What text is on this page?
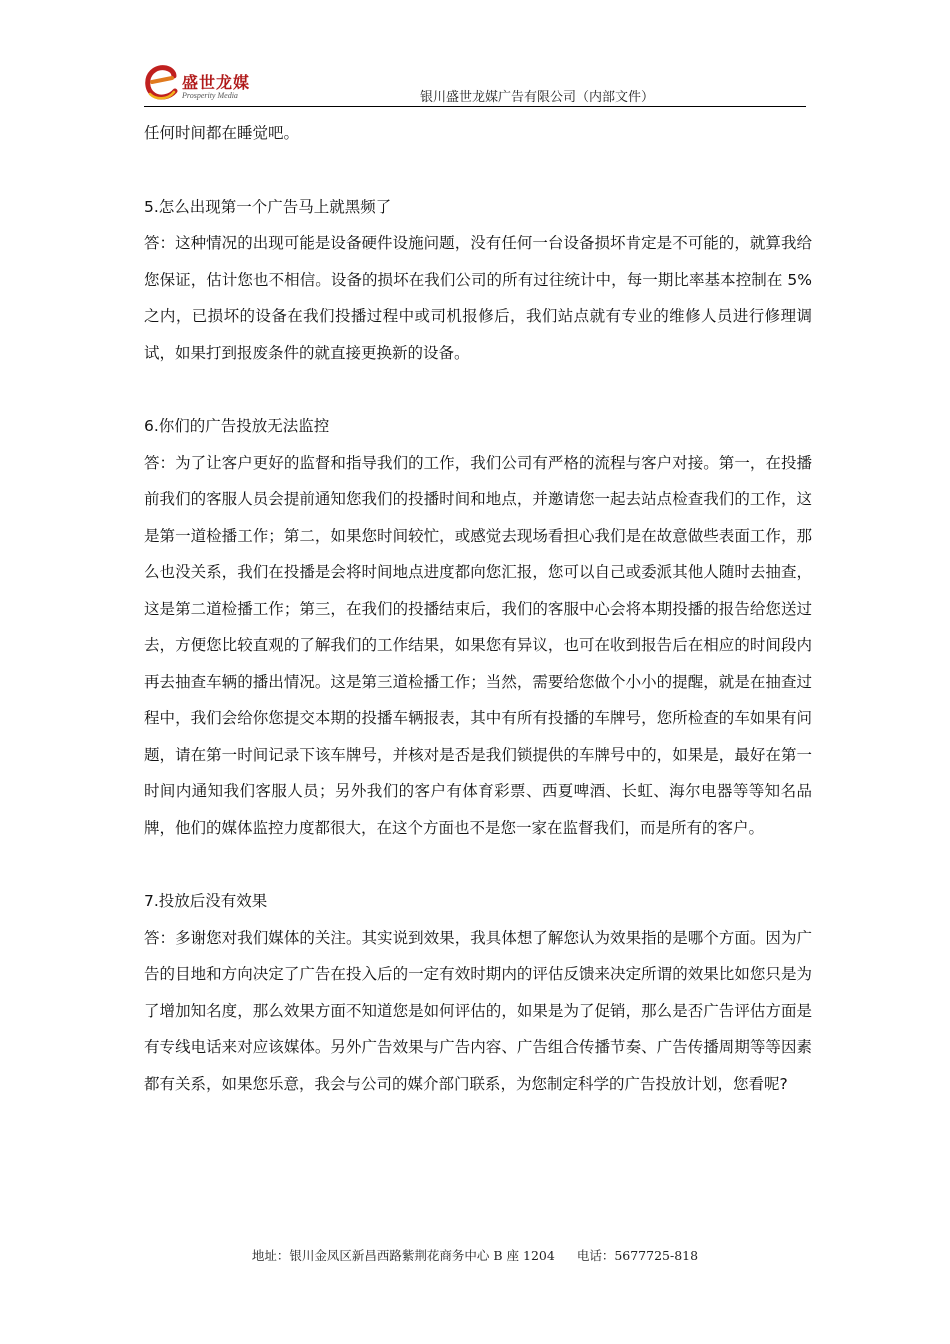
盛世龙媒
Prosperity Media	银川盛世龙媒广告有限公司（内部文件）

任何时间都在睡觉吧。

5.怎么出现第一个广告马上就黑频了

答：这种情况的出现可能是设备硬件设施问题，没有任何一台设备损坏肯定是不可能的，就算我给您保证，估计您也不相信。设备的损坏在我们公司的所有过往统计中，每一期比率基本控制在 5%之内，已损坏的设备在我们投播过程中或司机报修后，我们站点就有专业的维修人员进行修理调试，如果打到报废条件的就直接更换新的设备。

6.你们的广告投放无法监控

答：为了让客户更好的监督和指导我们的工作，我们公司有严格的流程与客户对接。第一，在投播前我们的客服人员会提前通知您我们的投播时间和地点，并邀请您一起去站点检查我们的工作，这是第一道检播工作；第二，如果您时间较忙，或感觉去现场看担心我们是在故意做些表面工作，那么也没关系，我们在投播是会将时间地点进度都向您汇报，您可以自己或委派其他人随时去抽查，这是第二道检播工作；第三，在我们的投播结束后，我们的客服中心会将本期投播的报告给您送过去，方便您比较直观的了解我们的工作结果，如果您有异议，也可在收到报告后在相应的时间段内再去抽查车辆的播出情况。这是第三道检播工作；当然，需要给您做个小小的提醒，就是在抽查过程中，我们会给你您提交本期的投播车辆报表，其中有所有投播的车牌号，您所检查的车如果有问题，请在第一时间记录下该车牌号，并核对是否是我们锁提供的车牌号中的，如果是，最好在第一时间内通知我们客服人员；另外我们的客户有体育彩票、西夏啤酒、长虹、海尔电器等等知名品牌，他们的媒体监控力度都很大，在这个方面也不是您一家在监督我们，而是所有的客户。

7.投放后没有效果

答：多谢您对我们媒体的关注。其实说到效果，我具体想了解您认为效果指的是哪个方面。因为广告的目地和方向决定了广告在投入后的一定有效时期内的评估反馈来决定所谓的效果比如您只是为了增加知名度，那么效果方面不知道您是如何评估的，如果是为了促销，那么是否广告评估方面是有专线电话来对应该媒体。另外广告效果与广告内容、广告组合传播节奏、广告传播周期等等因素都有关系，如果您乐意，我会与公司的媒介部门联系，为您制定科学的广告投放计划，您看呢?

地址：银川金凤区新昌西路紫荆花商务中心 B 座 1204 电话：5677725-818
